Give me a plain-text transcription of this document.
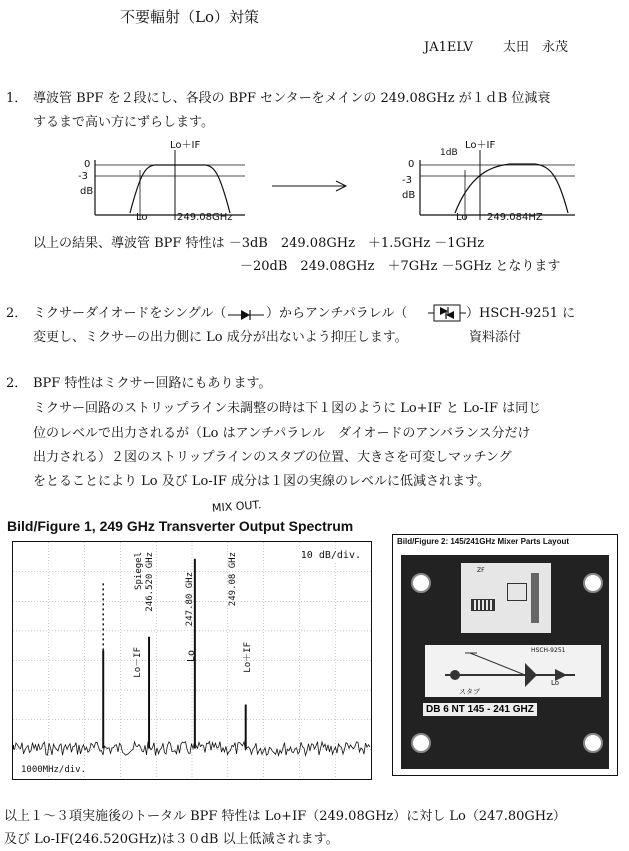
不要輻射（Lo）対策
JA1ELV 太田　永茂
1． 導波管 BPF を２段にし、各段の BPF センターをメインの 249.08GHz が１ｄB 位減衰
するまで高い方にずらします。
Lo＋IF
0
-3
dB
Lo	249.08GHz
Lo＋IF
1dB
0
-3
dB
Lo 249.084HZ
以上の結果、導波管 BPF 特性は －3dB　249.08GHz　＋1.5GHz －1GHz
－20dB　249.08GHz　＋7GHz －5GHz となります
2． ミクサーダイオードをシングル（	）からアンチパラレル（	）HSCH-9251 に
変更し、ミクサーの出力側に Lo 成分が出ないよう抑圧します。	資料添付
2． BPF 特性はミクサー回路にもあります。
ミクサー回路のストリップライン未調整の時は下１図のように Lo+IF と Lo-IF は同じ
位のレベルで出力されるが（Lo はアンチパラレル　ダイオードのアンバランス分だけ
出力される）２図のストリップラインのスタブの位置、大きさを可変しマッチング
をとることにより Lo 及び Lo-IF 成分は１図の実線のレベルに低減されます。
MIX OUT.
Bild/Figure 1, 249 GHz Transverter Output Spectrum
10 dB/div.
1000MHz/div.
Spiegel 246.520 GHz	247.80 GHz	249.08 GHz
Lo－IF	Lo	Lo＋IF
Bild/Figure 2: 145/241GHz Mixer Parts Layout
ZF
HSCH-9251
スタブ
Lo
DB 6 NT 145 - 241 GHZ
以上１～３項実施後のトータル BPF 特性は Lo+IF（249.08GHz）に対し Lo（247.80GHz）
及び Lo-IF(246.520GHz)は３０dB 以上低減されます。
